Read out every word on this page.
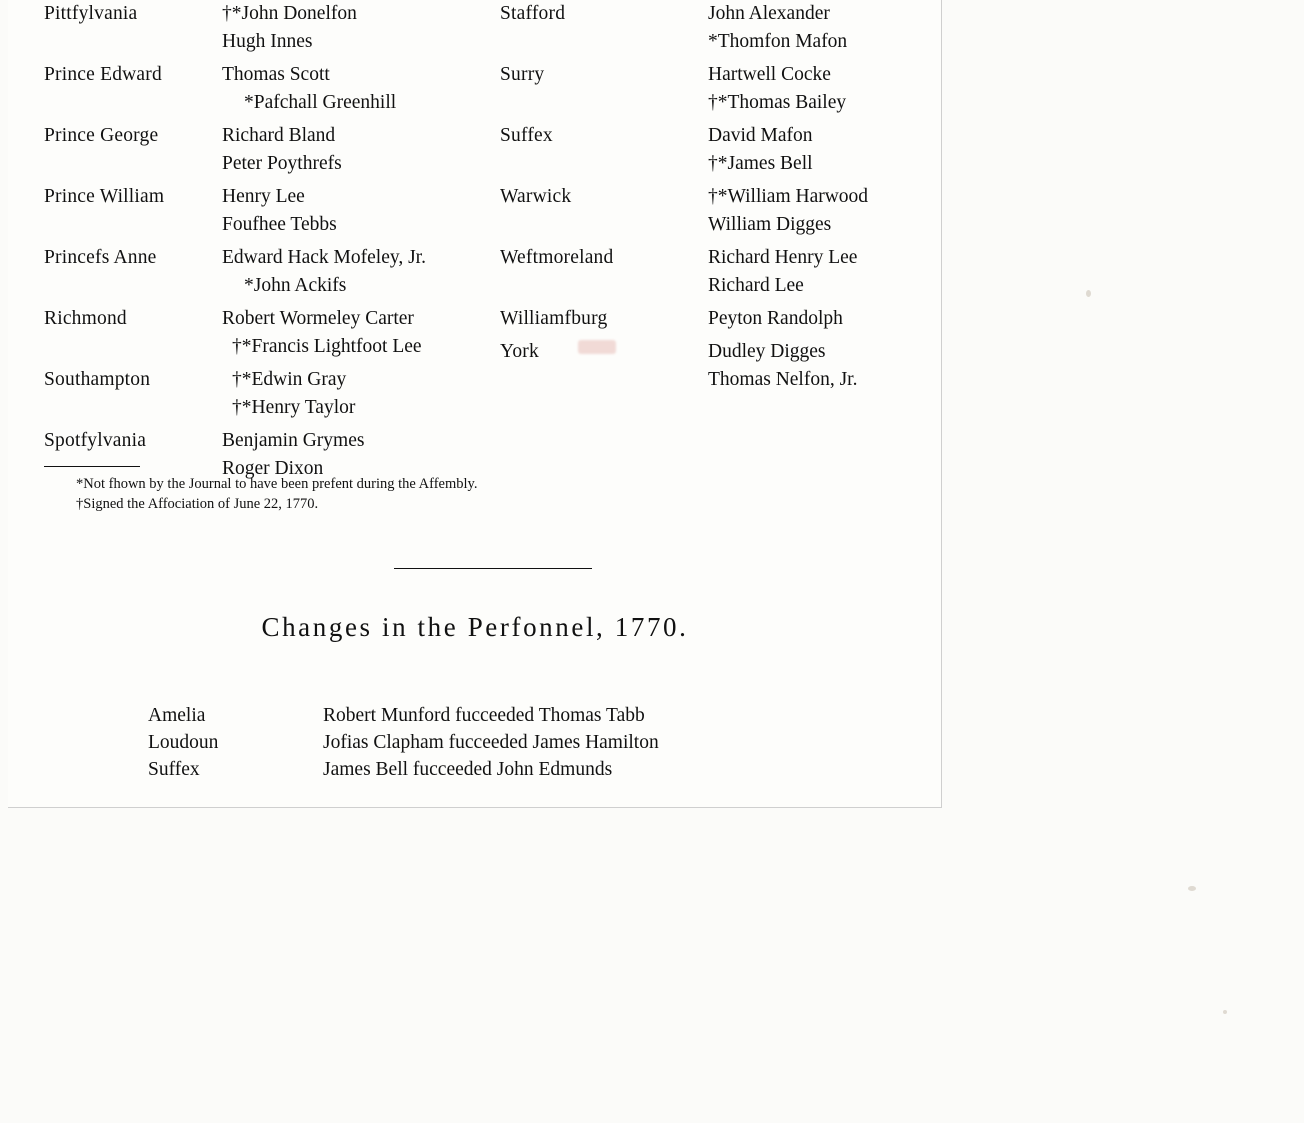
Pittfylvania	†*John Donelfon
Hugh Innes
Prince Edward	Thomas Scott
*Pafchall Greenhill
Prince George	Richard Bland
Peter Poythrefs
Prince William	Henry Lee
Foufhee Tebbs
Princefs Anne	Edward Hack Mofeley, Jr.
*John Ackifs
Richmond	Robert Wormeley Carter
†*Francis Lightfoot Lee
Southampton	†*Edwin Gray
†*Henry Taylor
Spotfylvania	Benjamin Grymes
Roger Dixon
Stafford	John Alexander
*Thomfon Mafon
Surry	Hartwell Cocke
†*Thomas Bailey
Suffex	David Mafon
†*James Bell
Warwick	†*William Harwood
William Digges
Weftmoreland	Richard Henry Lee
Richard Lee
Williamfburg	Peyton Randolph
York	Dudley Digges
Thomas Nelfon, Jr.
*Not fhown by the Journal to have been prefent during the Affembly.
†Signed the Affociation of June 22, 1770.
Changes in the Perfonnel, 1770.
Amelia	Robert Munford fucceeded Thomas Tabb
Loudoun	Jofias Clapham fucceeded James Hamilton
Suffex	James Bell fucceeded John Edmunds
